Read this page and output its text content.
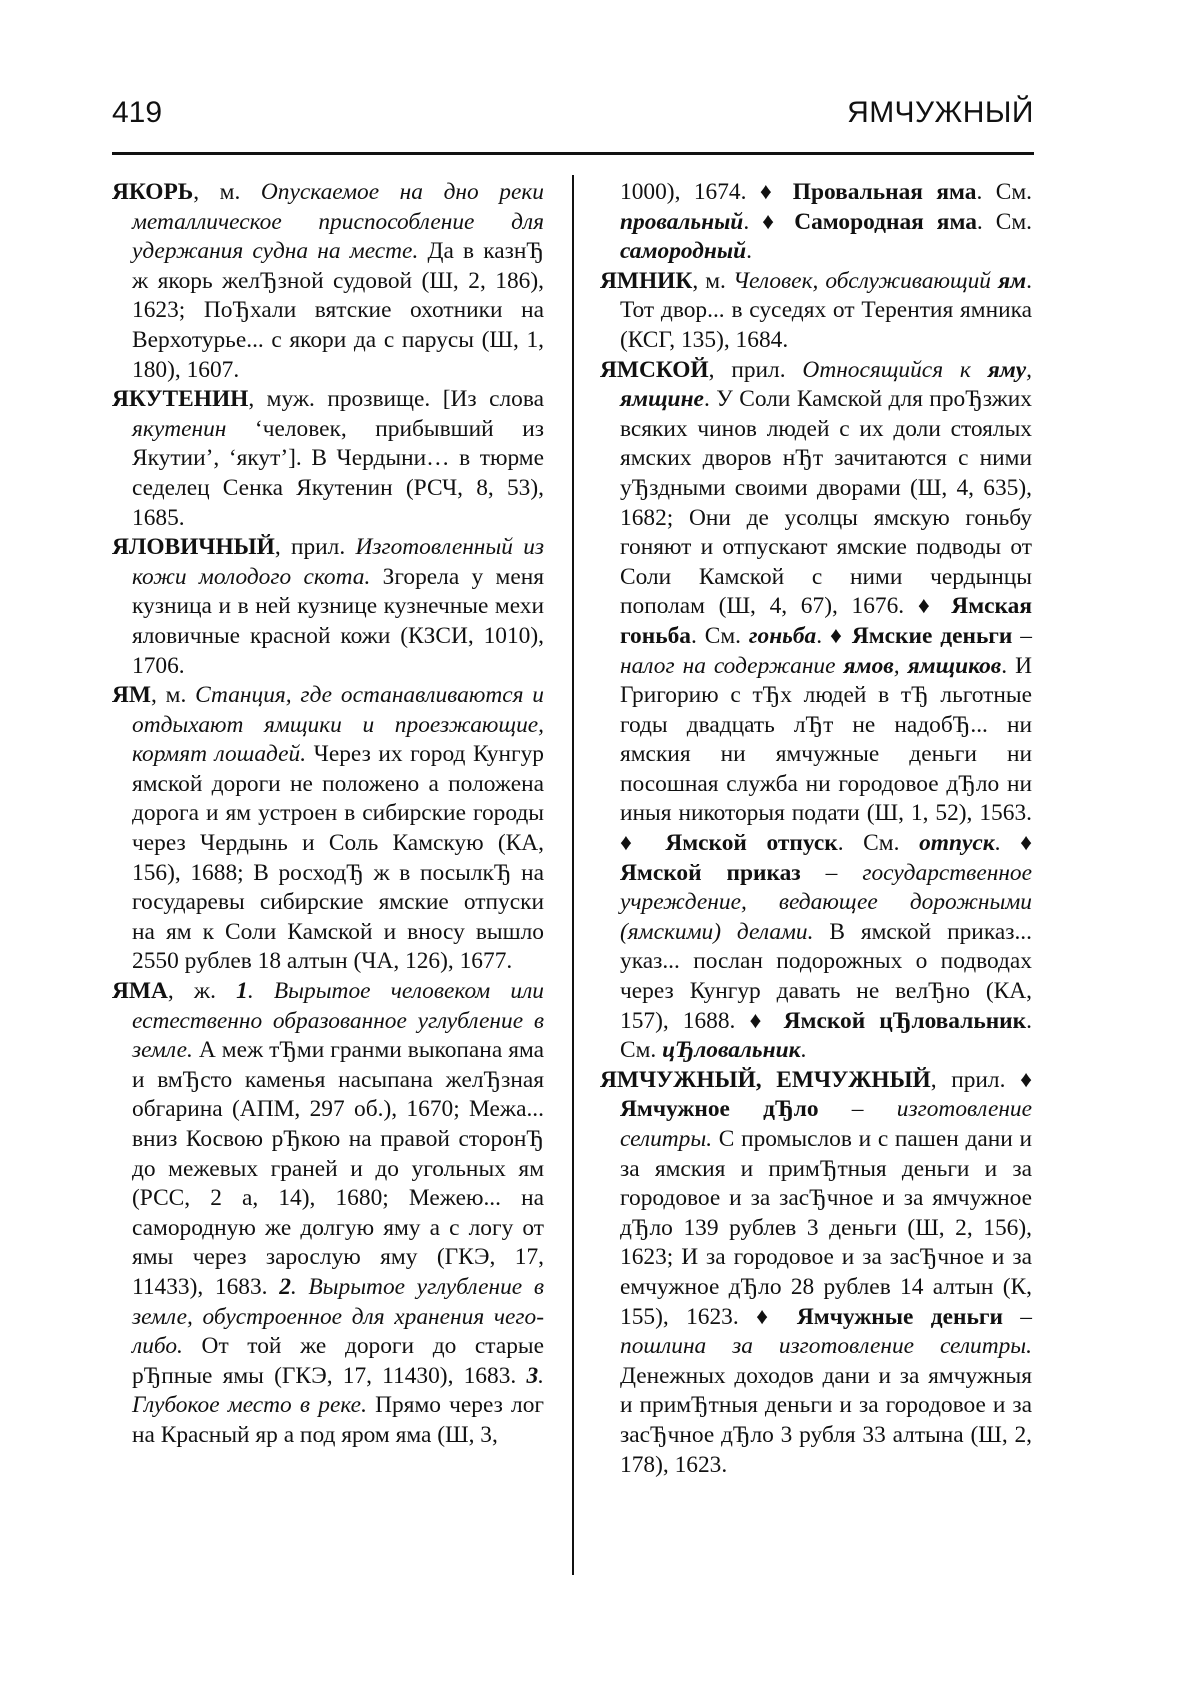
419	ЯМЧУЖНЫЙ

ЯКОРЬ, м. Опускаемое на дно реки металлическое приспособление для удержания судна на месте. Да в казнЂ ж якорь желЂзной судовой (Ш, 2, 186), 1623; ПоЂхали вятские охотники на Верхотурье... с якори да с парусы (Ш, 1, 180), 1607.

ЯКУТЕНИН, муж. прозвище. [Из слова якутенин ‘человек, прибывший из Якутии’, ‘якут’]. В Чердыни… в тюрме седелец Сенка Якутенин (РСЧ, 8, 53), 1685.

ЯЛОВИЧНЫЙ, прил. Изготовленный из кожи молодого скота. Згорела у меня кузница и в ней кузнице кузнечные мехи яловичные красной кожи (КЗСИ, 1010), 1706.

ЯМ, м. Станция, где останавливаются и отдыхают ямщики и проезжающие, кормят лошадей. Через их город Кунгур ямской дороги не положено а положена дорога и ям устроен в сибирские городы через Чердынь и Соль Камскую (КА, 156), 1688; В росходЂ ж в посылкЂ на государевы сибирские ямские отпуски на ям к Соли Камской и вносу вышло 2550 рублев 18 алтын (ЧА, 126), 1677.

ЯМА, ж. 1. Вырытое человеком или естественно образованное углубление в земле. А меж тЂми гранми выкопана яма и вмЂсто каменья насыпана желЂзная обгарина (АПМ, 297 об.), 1670; Межа... вниз Косвою рЂкою на правой сторонЂ до межевых граней и до угольных ям (РСС, 2 а, 14), 1680; Межею... на самородную же долгую яму а с логу от ямы через зарослую яму (ГКЭ, 17, 11433), 1683. 2. Вырытое углубление в земле, обустроенное для хранения чего-либо. От той же дороги до старые рЂпные ямы (ГКЭ, 17, 11430), 1683. 3. Глубокое место в реке. Прямо через лог на Красный яр а под яром яма (Ш, 3,

1000), 1674. ♦ Провальная яма. См. провальный. ♦ Самородная яма. См. самородный.

ЯМНИК, м. Человек, обслуживающий ям. Тот двор... в суседях от Терентия ямника (КСГ, 135), 1684.

ЯМСКОЙ, прил. Относящийся к яму, ямщине. У Соли Камской для проЂзжих всяких чинов людей с их доли стоялых ямских дворов нЂт зачитаются с ними уЂздными своими дворами (Ш, 4, 635), 1682; Они де усолцы ямскую гоньбу гоняют и отпускают ямские подводы от Соли Камской с ними чердынцы пополам (Ш, 4, 67), 1676. ♦ Ямская гоньба. См. гоньба. ♦ Ямские деньги – налог на содержание ямов, ямщиков. И Григорию с тЂх людей в тЂ льготные годы двадцать лЂт не надобЂ... ни ямския ни ямчужные деньги ни посошная служба ни городовое дЂло ни иныя никоторыя подати (Ш, 1, 52), 1563. ♦ Ямской отпуск. См. отпуск. ♦ Ямской приказ – государственное учреждение, ведающее дорожными (ямскими) делами. В ямской приказ... указ... послан подорожных о подводах через Кунгур давать не велЂно (КА, 157), 1688. ♦ Ямской цЂловальник. См. цЂловальник.

ЯМЧУЖНЫЙ, ЕМЧУЖНЫЙ, прил. ♦ Ямчужное дЂло – изготовление селитры. С промыслов и с пашен дани и за ямския и примЂтныя деньги и за городовое и за засЂчное и за ямчужное дЂло 139 рублев 3 деньги (Ш, 2, 156), 1623; И за городовое и за засЂчное и за емчужное дЂло 28 рублев 14 алтын (К, 155), 1623. ♦ Ямчужные деньги – пошлина за изготовление селитры. Денежных доходов дани и за ямчужныя и примЂтныя деньги и за городовое и за засЂчное дЂло 3 рубля 33 алтына (Ш, 2, 178), 1623.
